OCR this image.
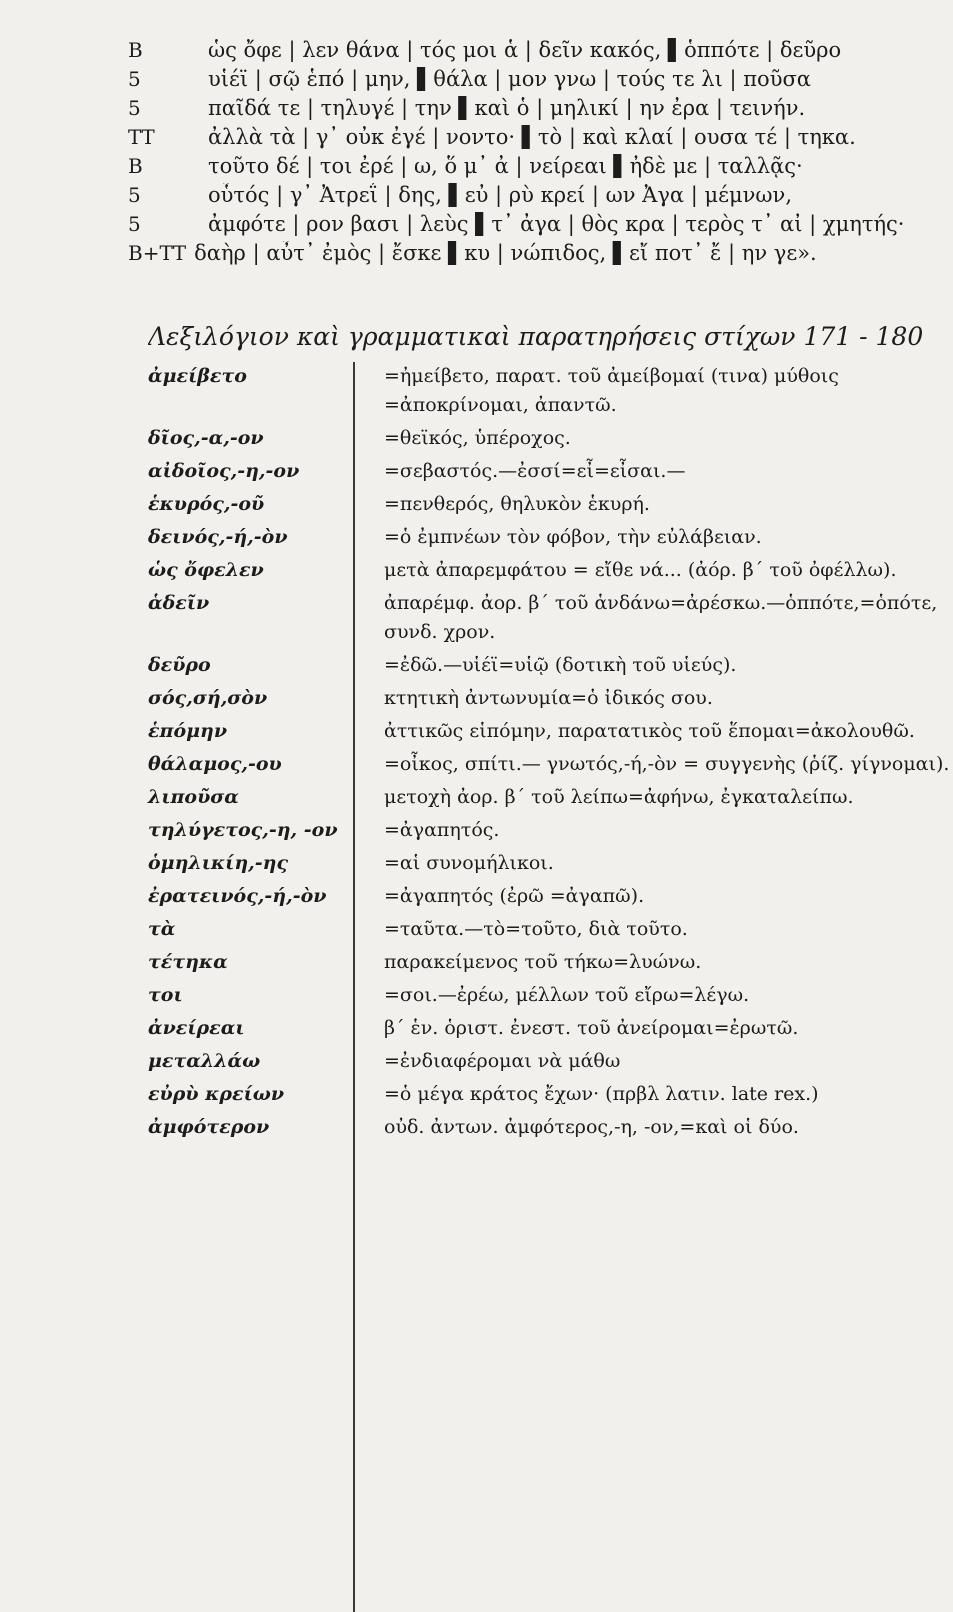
Β	ὡς ὄφε | λεν θάνα | τός μοι ἁ | δεῖν κακός, ▌ὁππότε | δεῦρο
5	υἱέϊ | σῷ ἑπό | μην, ▌θάλα | μον γνω | τούς τε λι | ποῦσα
5	παῖδά τε | τηλυγέ | την ▌καὶ ὁ | μηλικί | ην ἐρα | τεινήν.
ΤΤ	ἀλλὰ τὰ | γ᾽ οὐκ ἐγέ | νοντο· ▌τὸ | καὶ κλαί | ουσα τέ | τηκα.
Β	τοῦτο δέ | τοι ἐρέ | ω, ὅ μ᾽ ἀ | νείρεαι ▌ἠδὲ με | ταλλᾷς·
5	οὗτός | γ᾽ Ἀτρεΐ | δης, ▌εὐ | ρὺ κρεί | ων Ἀγα | μέμνων,
5	ἀμφότε | ρον βασι | λεὺς ▌τ᾽ ἀγα | θὸς κρα | τερὸς τ᾽ αἰ | χμητής·
Β+ΤΤ δαὴρ | αὖτ᾽ ἐμὸς | ἔσκε ▌κυ | νώπιδος, ▌εἴ ποτ᾽ ἔ | ην γε».
Λεξιλόγιον καὶ γραμματικαὶ παρατηρήσεις στίχων 171 - 180
ἀμείβετο	=ἠμείβετο, παρατ. τοῦ ἀμείβομαί (τινα) μύθοις =ἀποκρίνομαι, ἀπαντῶ.
δῖος,-α,-ον	=θεϊκός, ὑπέροχος.
αἰδοῖος,-η,-ον	=σεβαστός.—ἐσσί=εἶ=εἶσαι.—
ἑκυρός,-οῦ	=πενθερός, θηλυκὸν ἑκυρή.
δεινός,-ή,-ὸν	=ὁ ἐμπνέων τὸν φόβον, τὴν εὐλάβειαν.
ὡς ὄφελεν	μετὰ ἀπαρεμφάτου = εἴθε νά... (ἀόρ. β΄ τοῦ ὀφέλλω).
ἁδεῖν	ἀπαρέμφ. ἀορ. β΄ τοῦ ἁνδάνω=ἀρέσκω.—ὁππότε,=ὁπότε, συνδ. χρον.
δεῦρο	=ἐδῶ.—υἱέϊ=υἱῷ (δοτικὴ τοῦ υἱεύς).
σός,σή,σὸν	κτητικὴ ἀντωνυμία=ὁ ἰδικός σου.
ἑπόμην	ἀττικῶς εἱπόμην, παρατατικὸς τοῦ ἕπομαι=ἀκολουθῶ.
θάλαμος,-ου	=οἶκος, σπίτι.— γνωτός,-ή,-ὸν = συγγενὴς (ῥίζ. γίγνομαι).
λιποῦσα	μετοχὴ ἀορ. β΄ τοῦ λείπω=ἀφήνω, ἐγκαταλείπω.
τηλύγετος,-η, -ον	=ἀγαπητός.
ὁμηλικίη,-ης	=αἱ συνομήλικοι.
ἐρατεινός,-ή,-ὸν	=ἀγαπητός (ἐρῶ =ἀγαπῶ).
τὰ	=ταῦτα.—τὸ=τοῦτο, διὰ τοῦτο.
τέτηκα	παρακείμενος τοῦ τήκω=λυώνω.
τοι	=σοι.—ἐρέω, μέλλων τοῦ εἴρω=λέγω.
ἀνείρεαι	β΄ ἑν. ὁριστ. ἐνεστ. τοῦ ἀνείρομαι=ἐρωτῶ.
μεταλλάω	=ἐνδιαφέρομαι νὰ μάθω
εὐρὺ κρείων	=ὁ μέγα κράτος ἔχων· (πρβλ λατιν. late rex.)
ἀμφότερον	οὐδ. ἀντων. ἀμφότερος,-η, -ον,=καὶ οἱ δύο.
